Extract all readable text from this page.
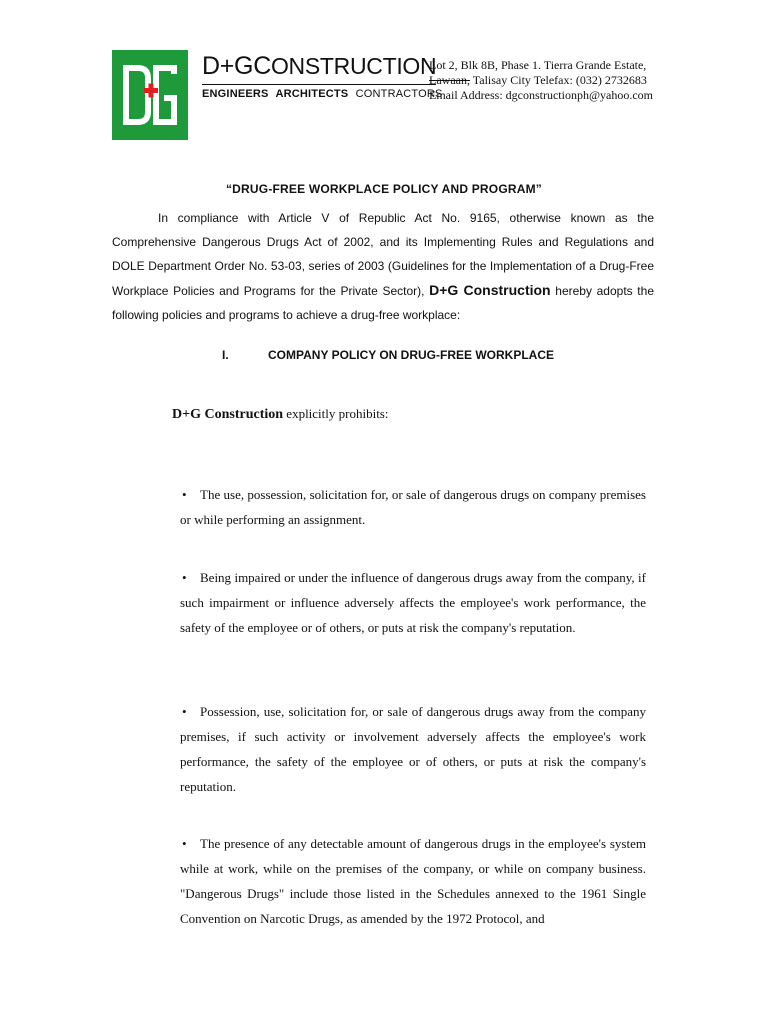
D+GCONSTRUCTION
ENGINEERS ARCHITECTS CONTRACTORS
Lot 2, Blk 8B, Phase 1. Tierra Grande Estate,
Lawaan, Talisay City Telefax: (032) 2732683
Email Address: dgconstructionph@yahoo.com
“DRUG-FREE WORKPLACE POLICY AND PROGRAM”
In compliance with Article V of Republic Act No. 9165, otherwise known as the Comprehensive Dangerous Drugs Act of 2002, and its Implementing Rules and Regulations and DOLE Department Order No. 53-03, series of 2003 (Guidelines for the Implementation of a Drug-Free Workplace Policies and Programs for the Private Sector), D+G Construction hereby adopts the following policies and programs to achieve a drug-free workplace:
I.	COMPANY POLICY ON DRUG-FREE WORKPLACE
D+G Construction explicitly prohibits:
• The use, possession, solicitation for, or sale of dangerous drugs on company premises or while performing an assignment.
• Being impaired or under the influence of dangerous drugs away from the company, if such impairment or influence adversely affects the employee's work performance, the safety of the employee or of others, or puts at risk the company's reputation.
• Possession, use, solicitation for, or sale of dangerous drugs away from the company premises, if such activity or involvement adversely affects the employee's work performance, the safety of the employee or of others, or puts at risk the company's reputation.
• The presence of any detectable amount of dangerous drugs in the employee's system while at work, while on the premises of the company, or while on company business. "Dangerous Drugs" include those listed in the Schedules annexed to the 1961 Single Convention on Narcotic Drugs, as amended by the 1972 Protocol, and
